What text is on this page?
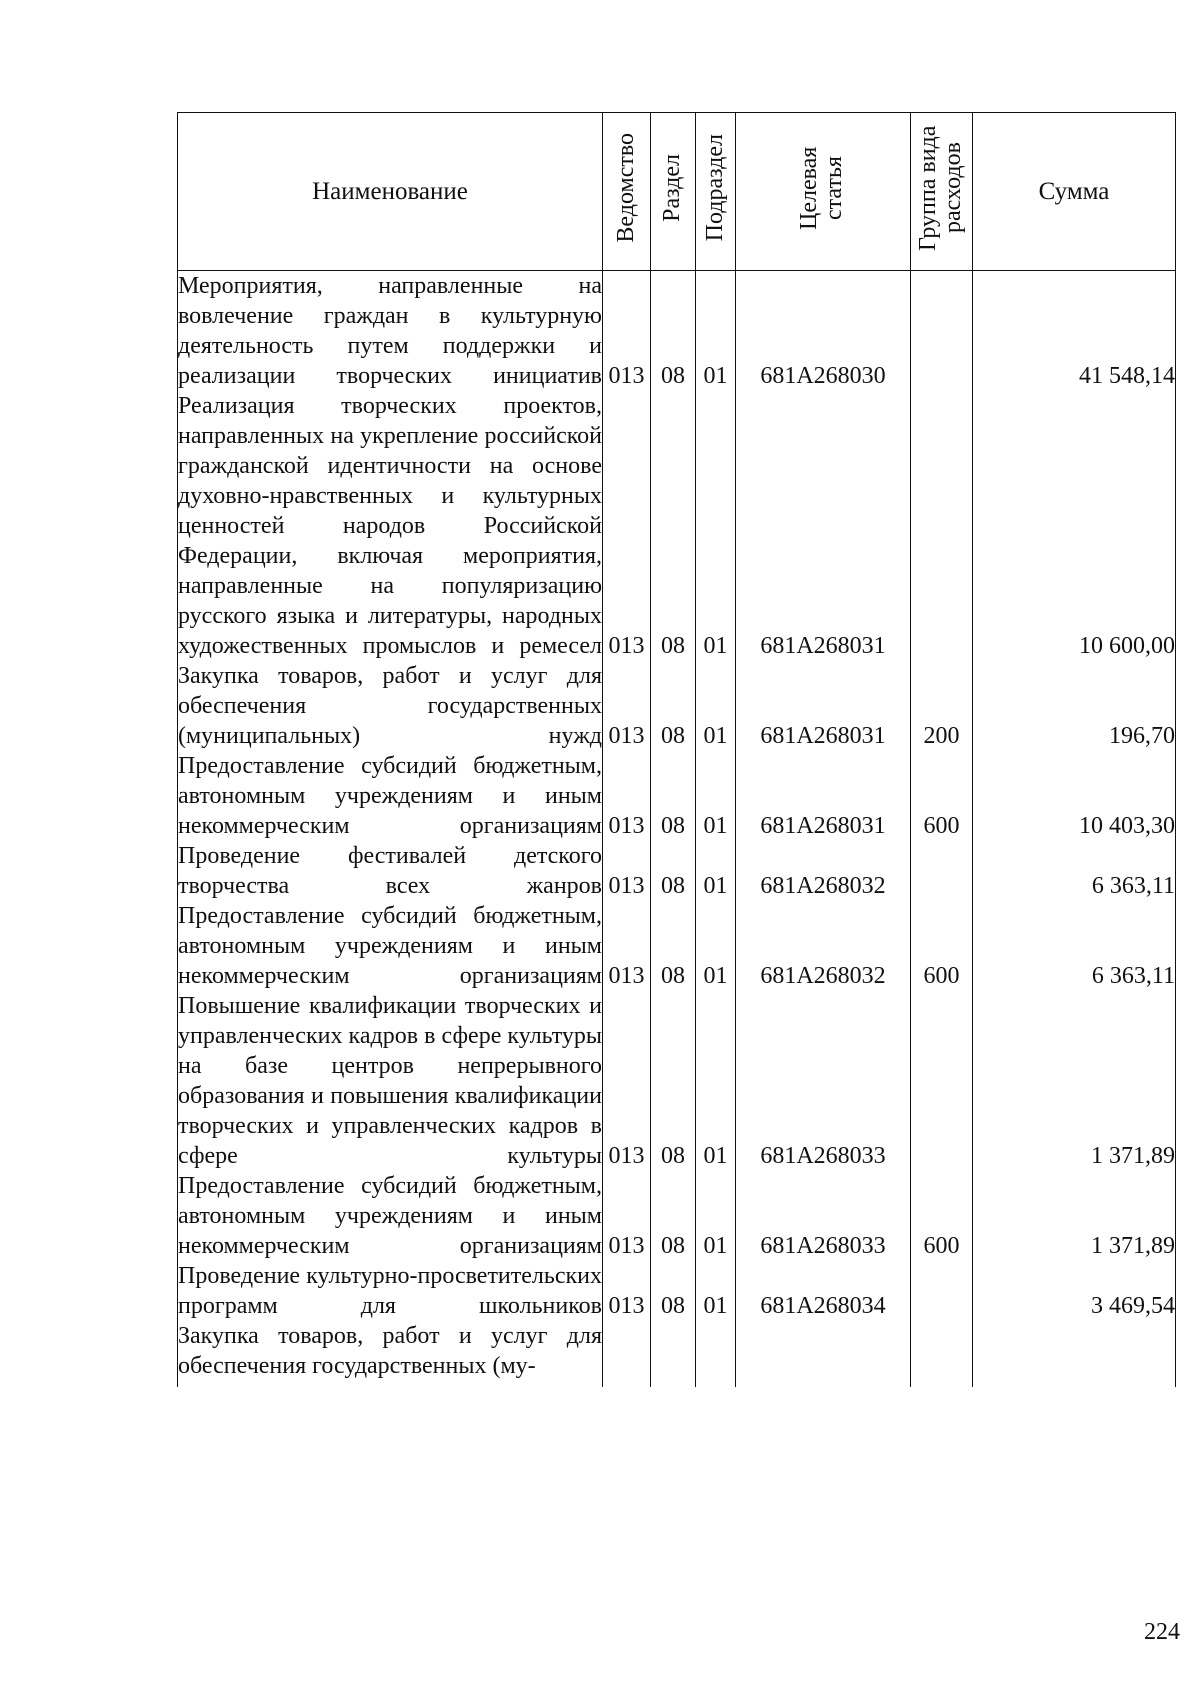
Наименование	Ведомство	Раздел	Подраздел	Целевая статья	Группа вида расходов	Сумма
Мероприятия, направленные на вовлечение граждан в культурную деятельность путем поддержки и реализации творческих инициатив	013	08	01	681А268030		41 548,14
Реализация творческих проектов, направленных на укрепление российской гражданской идентичности на основе духовно-нравственных и культурных ценностей народов Российской Федерации, включая мероприятия, направленные на популяризацию русского языка и литературы, народных художественных промыслов и ремесел	013	08	01	681А268031		10 600,00
Закупка товаров, работ и услуг для обеспечения государственных (муниципальных) нужд	013	08	01	681А268031	200	196,70
Предоставление субсидий бюджетным, автономным учреждениям и иным некоммерческим организациям	013	08	01	681А268031	600	10 403,30
Проведение фестивалей детского творчества всех жанров	013	08	01	681А268032		6 363,11
Предоставление субсидий бюджетным, автономным учреждениям и иным некоммерческим организациям	013	08	01	681А268032	600	6 363,11
Повышение квалификации творческих и управленческих кадров в сфере культуры на базе центров непрерывного образования и повышения квалификации творческих и управленческих кадров в сфере культуры	013	08	01	681А268033		1 371,89
Предоставление субсидий бюджетным, автономным учреждениям и иным некоммерческим организациям	013	08	01	681А268033	600	1 371,89
Проведение культурно-просветительских программ для школьников	013	08	01	681А268034		3 469,54
Закупка товаров, работ и услуг для обеспечения государственных (му-						
224
